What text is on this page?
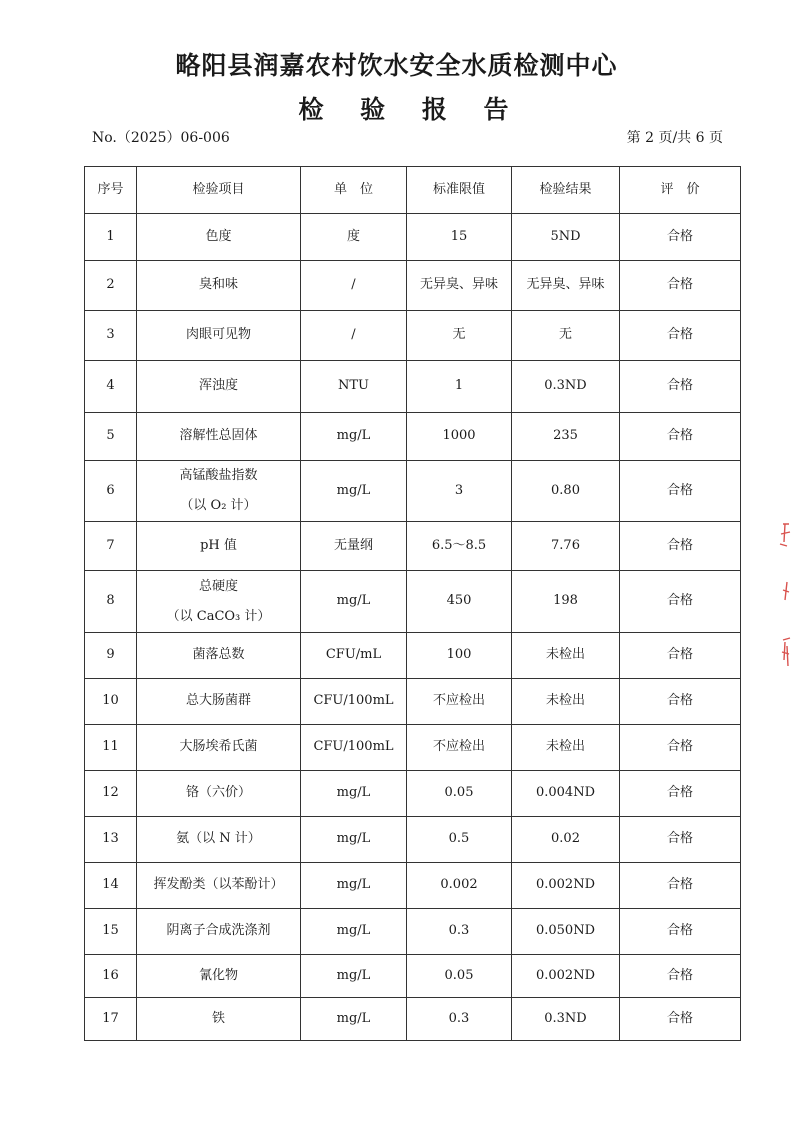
略阳县润嘉农村饮水安全水质检测中心
检 验 报 告
No.（2025）06-006	第 2 页/共 6 页
序号	检验项目	单　位	标准限值	检验结果	评　价
1	色度	度	15	5ND	合格
2	臭和味	/	无异臭、异味	无异臭、异味	合格
3	肉眼可见物	/	无	无	合格
4	浑浊度	NTU	1	0.3ND	合格
5	溶解性总固体	mg/L	1000	235	合格
6	高锰酸盐指数
（以 O₂ 计）	mg/L	3	0.80	合格
7	pH 值	无量纲	6.5～8.5	7.76	合格
8	总硬度
（以 CaCO₃ 计）	mg/L	450	198	合格
9	菌落总数	CFU/mL	100	未检出	合格
10	总大肠菌群	CFU/100mL	不应检出	未检出	合格
11	大肠埃希氏菌	CFU/100mL	不应检出	未检出	合格
12	铬（六价）	mg/L	0.05	0.004ND	合格
13	氨（以 N 计）	mg/L	0.5	0.02	合格
14	挥发酚类（以苯酚计）	mg/L	0.002	0.002ND	合格
15	阴离子合成洗涤剂	mg/L	0.3	0.050ND	合格
16	氰化物	mg/L	0.05	0.002ND	合格
17	铁	mg/L	0.3	0.3ND	合格
